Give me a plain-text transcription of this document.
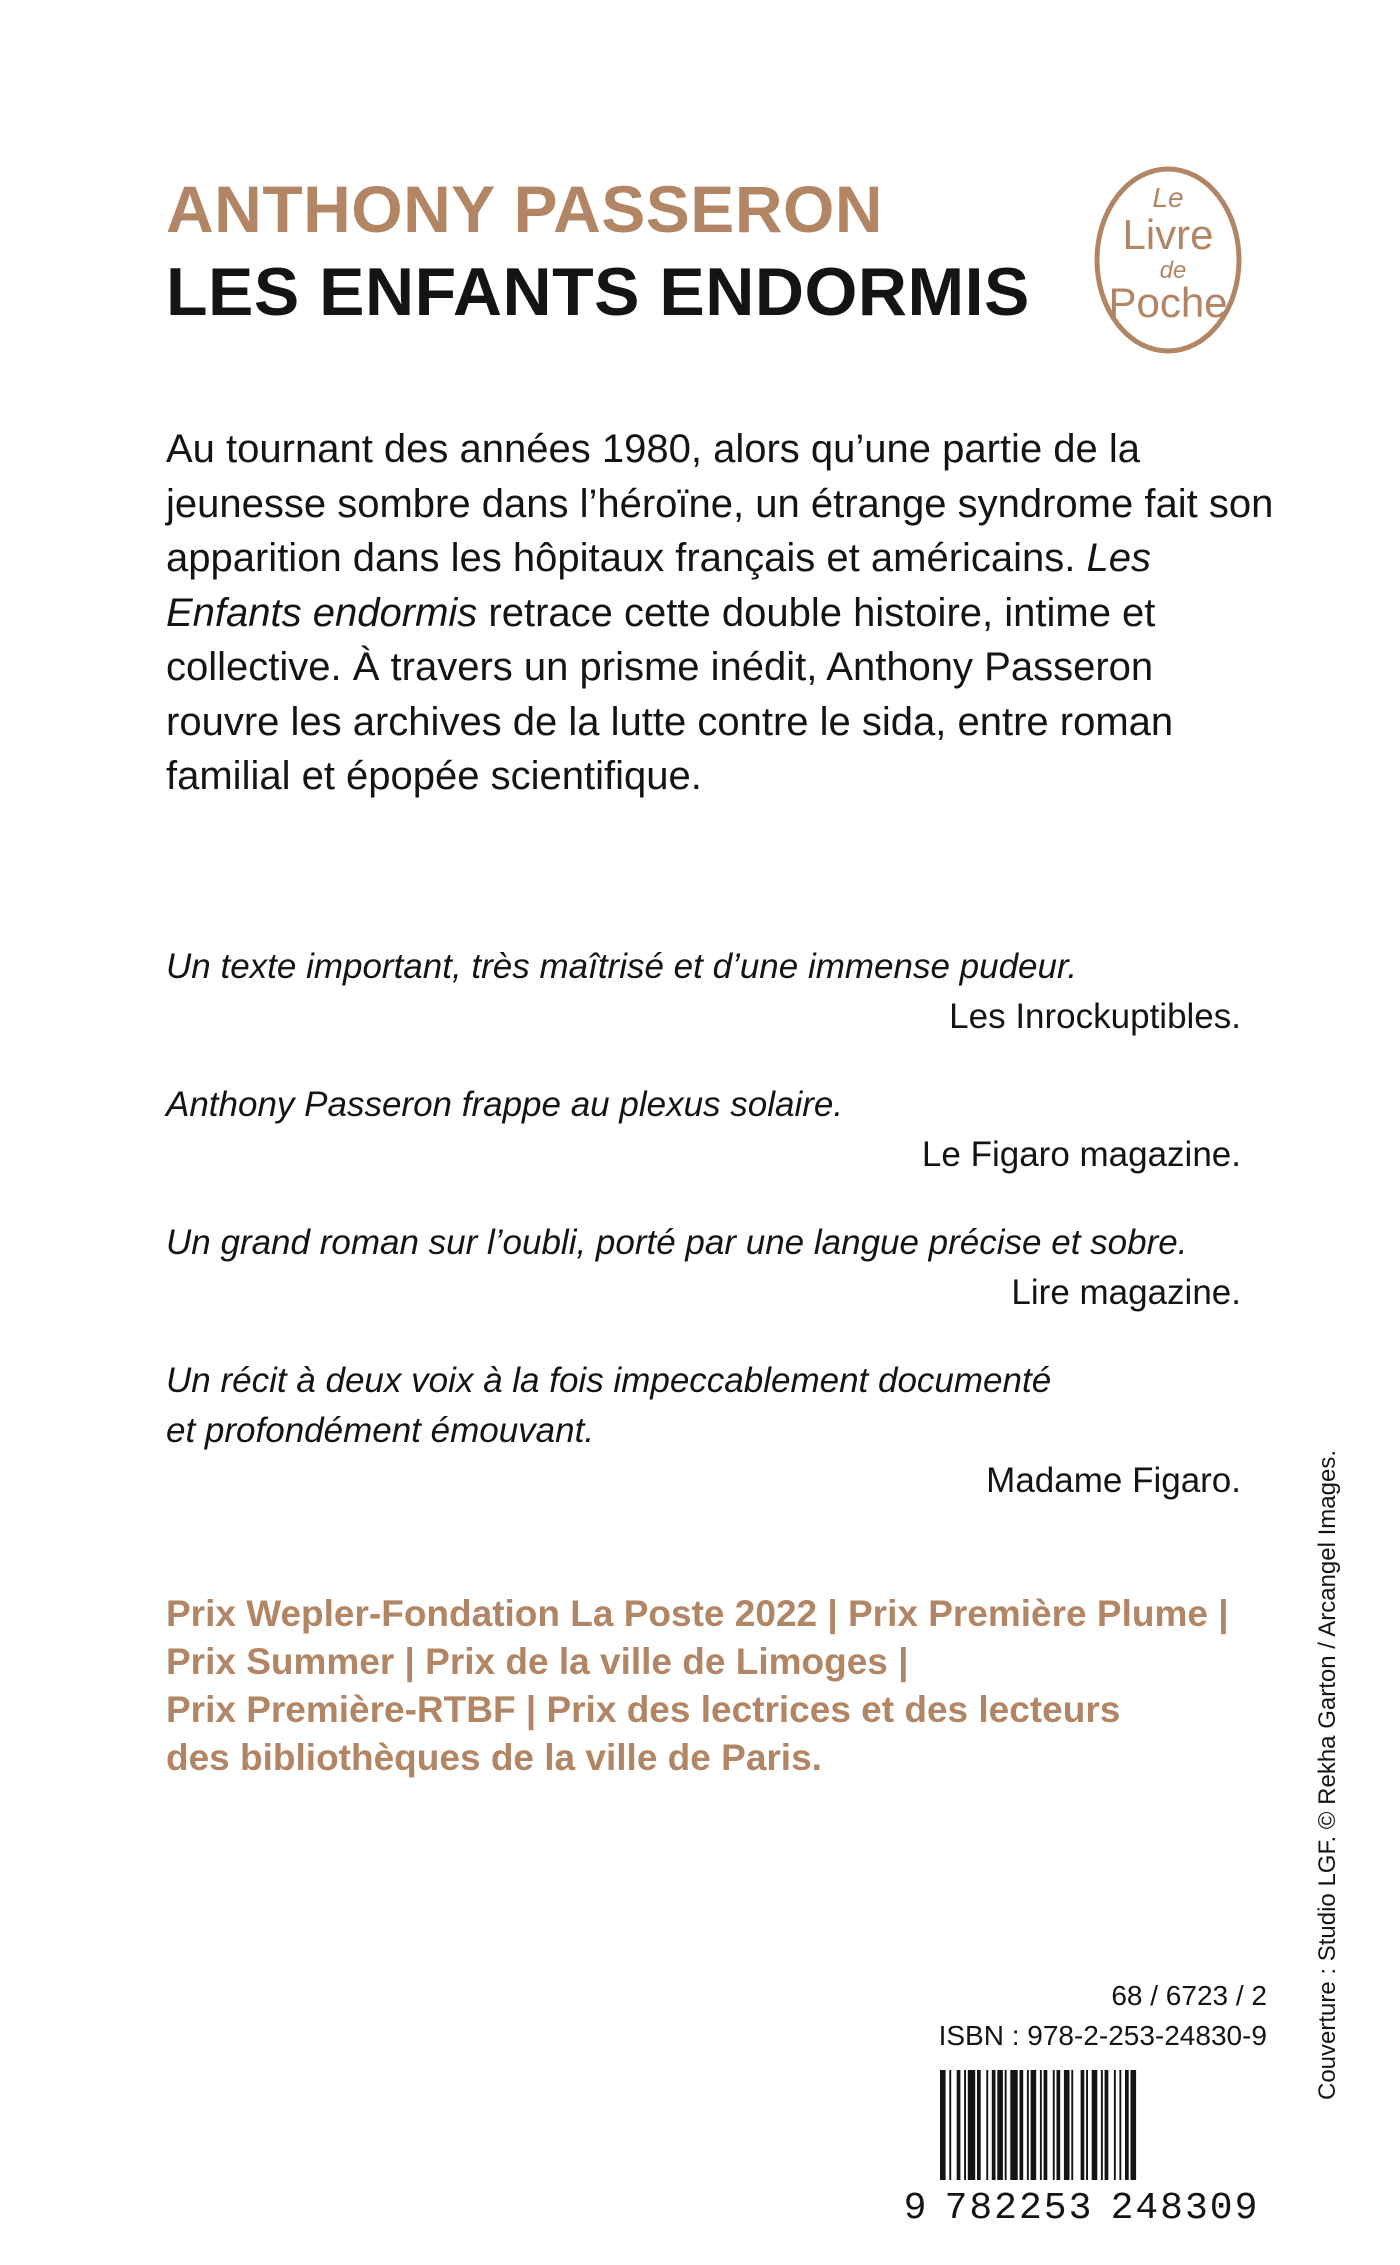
ANTHONY PASSERON
LES ENFANTS ENDORMIS
Le
Livre
de
Poche

Au tournant des années 1980, alors qu’une partie de la jeunesse sombre dans l’héroïne, un étrange syndrome fait son apparition dans les hôpitaux français et américains. Les Enfants endormis retrace cette double histoire, intime et collective. À travers un prisme inédit, Anthony Passeron rouvre les archives de la lutte contre le sida, entre roman familial et épopée scientifique.

Un texte important, très maîtrisé et d’une immense pudeur.

Les Inrockuptibles.

Anthony Passeron frappe au plexus solaire.

Le Figaro magazine.

Un grand roman sur l’oubli, porté par une langue précise et sobre.

Lire magazine.

Un récit à deux voix à la fois impeccablement documenté

et profondément émouvant.

Madame Figaro.

Prix Wepler-Fondation La Poste 2022 | Prix Première Plume |
Prix Summer | Prix de la ville de Limoges |
Prix Première-RTBF | Prix des lectrices et des lecteurs
des bibliothèques de la ville de Paris.
68 / 6723 / 2
ISBN : 978-2-253-24830-9
9 782253 248309
Couverture : Studio LGF. © Rekha Garton / Arcangel Images.
